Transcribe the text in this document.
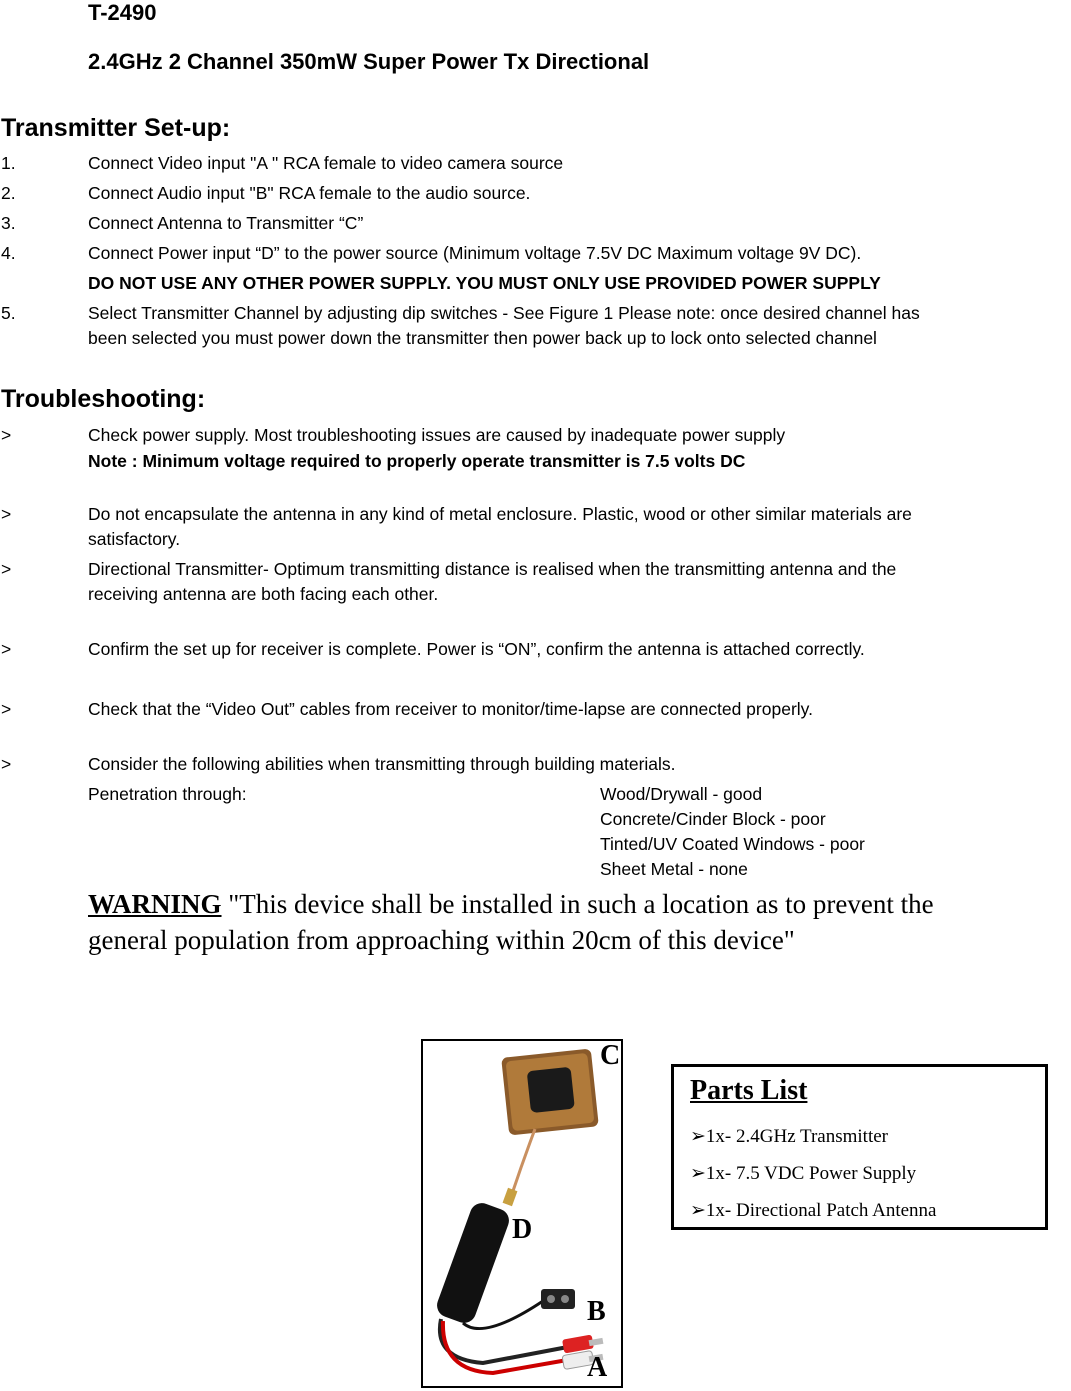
T-2490
2.4GHz 2 Channel 350mW Super Power Tx Directional
Transmitter Set-up:
1.	Connect Video input "A " RCA female to video camera source
2.	Connect Audio input "B" RCA female to the audio source.
3.	Connect Antenna to Transmitter “C”
4.	Connect Power input “D” to the power source (Minimum voltage 7.5V DC Maximum voltage 9V DC).
DO NOT USE ANY OTHER POWER SUPPLY. YOU MUST ONLY USE PROVIDED POWER SUPPLY
5.	Select Transmitter Channel by adjusting dip switches - See Figure 1 Please note: once desired channel has
been selected you must power down the transmitter then power back up to lock onto selected channel
Troubleshooting:
>	Check power supply. Most troubleshooting issues are caused by inadequate power supply
Note : Minimum voltage required to properly operate transmitter is 7.5 volts DC
>	Do not encapsulate the antenna in any kind of metal enclosure. Plastic, wood or other similar materials are
satisfactory.
>	Directional Transmitter- Optimum transmitting distance is realised when the transmitting antenna and the
receiving antenna are both facing each other.
>	Confirm the set up for receiver is complete. Power is “ON”, confirm the antenna is attached correctly.
>	Check that the “Video Out” cables from receiver to monitor/time-lapse are connected properly.
>	Consider the following abilities when transmitting through building materials.
Penetration through:	Wood/Drywall - good
Concrete/Cinder Block - poor
Tinted/UV Coated Windows - poor
Sheet Metal - none
WARNING "This device shall be installed in such a location as to prevent the
general population from approaching within 20cm of this device"
C
D
B
A
Parts List
➢1x- 2.4GHz Transmitter
➢1x- 7.5 VDC Power Supply
➢1x- Directional Patch Antenna
